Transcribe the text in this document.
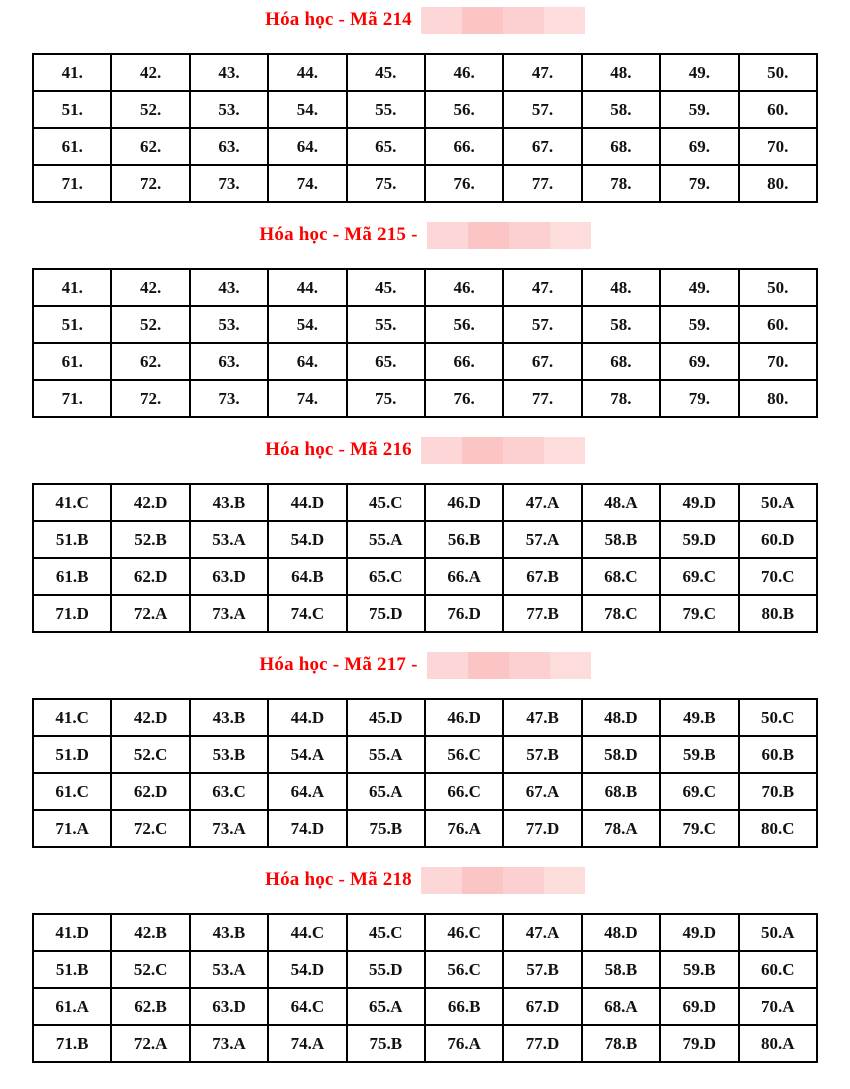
Hóa học - Mã 214
41.	42.	43.	44.	45.	46.	47.	48.	49.	50.
51.	52.	53.	54.	55.	56.	57.	58.	59.	60.
61.	62.	63.	64.	65.	66.	67.	68.	69.	70.
71.	72.	73.	74.	75.	76.	77.	78.	79.	80.
Hóa học - Mã 215 -
41.	42.	43.	44.	45.	46.	47.	48.	49.	50.
51.	52.	53.	54.	55.	56.	57.	58.	59.	60.
61.	62.	63.	64.	65.	66.	67.	68.	69.	70.
71.	72.	73.	74.	75.	76.	77.	78.	79.	80.
Hóa học - Mã 216
41.C	42.D	43.B	44.D	45.C	46.D	47.A	48.A	49.D	50.A
51.B	52.B	53.A	54.D	55.A	56.B	57.A	58.B	59.D	60.D
61.B	62.D	63.D	64.B	65.C	66.A	67.B	68.C	69.C	70.C
71.D	72.A	73.A	74.C	75.D	76.D	77.B	78.C	79.C	80.B
Hóa học - Mã 217 -
41.C	42.D	43.B	44.D	45.D	46.D	47.B	48.D	49.B	50.C
51.D	52.C	53.B	54.A	55.A	56.C	57.B	58.D	59.B	60.B
61.C	62.D	63.C	64.A	65.A	66.C	67.A	68.B	69.C	70.B
71.A	72.C	73.A	74.D	75.B	76.A	77.D	78.A	79.C	80.C
Hóa học - Mã 218
41.D	42.B	43.B	44.C	45.C	46.C	47.A	48.D	49.D	50.A
51.B	52.C	53.A	54.D	55.D	56.C	57.B	58.B	59.B	60.C
61.A	62.B	63.D	64.C	65.A	66.B	67.D	68.A	69.D	70.A
71.B	72.A	73.A	74.A	75.B	76.A	77.D	78.B	79.D	80.A
